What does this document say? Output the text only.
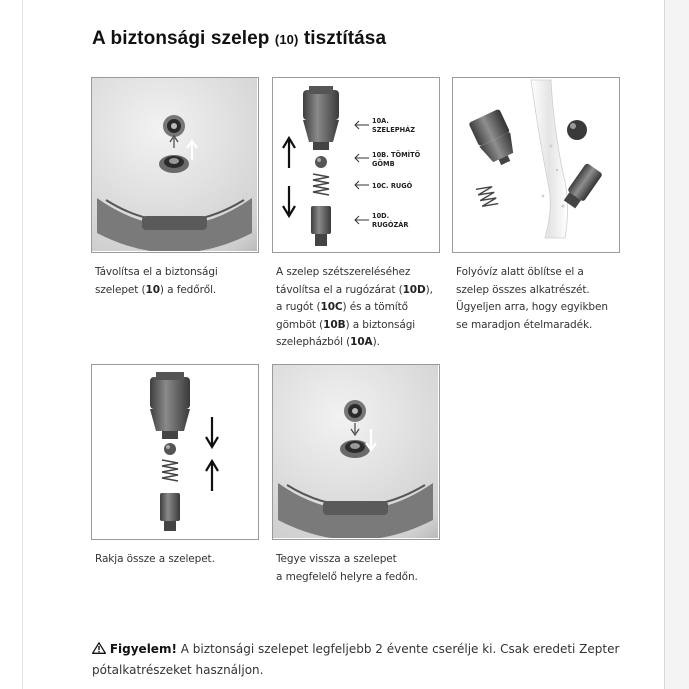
A biztonsági szelep (10) tisztítása
10A.
SZELEPHÁZ
10B. TÖMÍTŐ
GÖMB
10C. RUGÓ
10D.
RUGÓZÁR
Távolítsa el a biztonsági
szelepet (10) a fedőről.
A szelep szétszereléséhez
távolítsa el a rugózárat (10D),
a rugót (10C) és a tömítő
gömböt (10B) a biztonsági
szelepházból (10A).
Folyóvíz alatt öblítse el a
szelep összes alkatrészét.
Ügyeljen arra, hogy egyikben
se maradjon ételmaradék.
Rakja össze a szelepet.	Tegye vissza a szelepet
a megfelelő helyre a fedőn.
Figyelem! A biztonsági szelepet legfeljebb 2 évente cserélje ki. Csak eredeti Zepter
pótalkatrészeket használjon.
